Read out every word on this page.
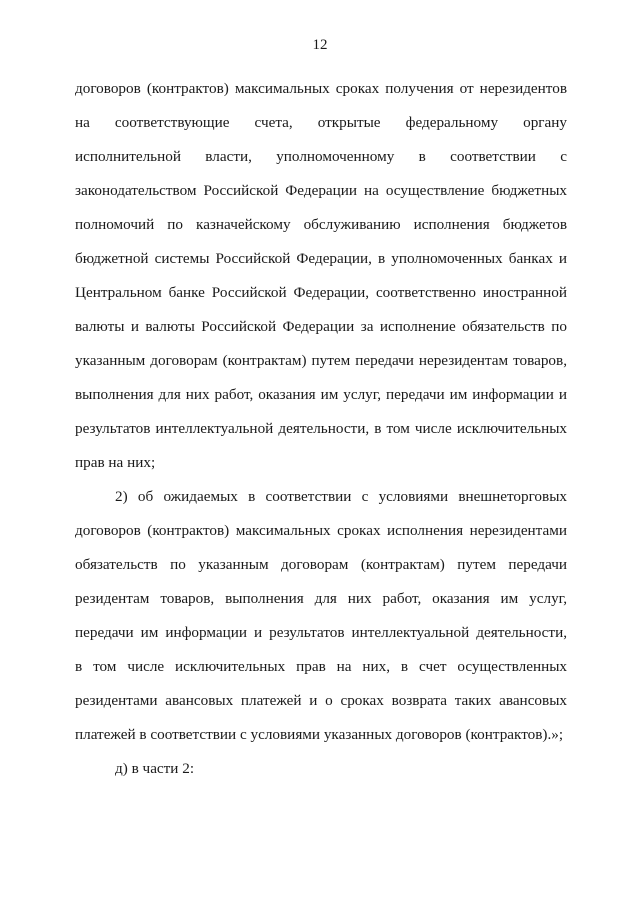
12
договоров (контрактов) максимальных сроках получения от нерезидентов
на соответствующие счета, открытые федеральному органу
исполнительной власти, уполномоченному в соответствии с
законодательством Российской Федерации на осуществление бюджетных
полномочий по казначейскому обслуживанию исполнения бюджетов
бюджетной системы Российской Федерации, в уполномоченных банках и
Центральном банке Российской Федерации, соответственно иностранной
валюты и валюты Российской Федерации за исполнение обязательств по
указанным договорам (контрактам) путем передачи нерезидентам товаров,
выполнения для них работ, оказания им услуг, передачи им информации и
результатов интеллектуальной деятельности, в том числе исключительных
прав на них;
2) об ожидаемых в соответствии с условиями внешнеторговых
договоров (контрактов) максимальных сроках исполнения нерезидентами
обязательств по указанным договорам (контрактам) путем передачи
резидентам товаров, выполнения для них работ, оказания им услуг,
передачи им информации и результатов интеллектуальной деятельности,
в том числе исключительных прав на них, в счет осуществленных
резидентами авансовых платежей и о сроках возврата таких авансовых
платежей в соответствии с условиями указанных договоров (контрактов).»;
д) в части 2:
